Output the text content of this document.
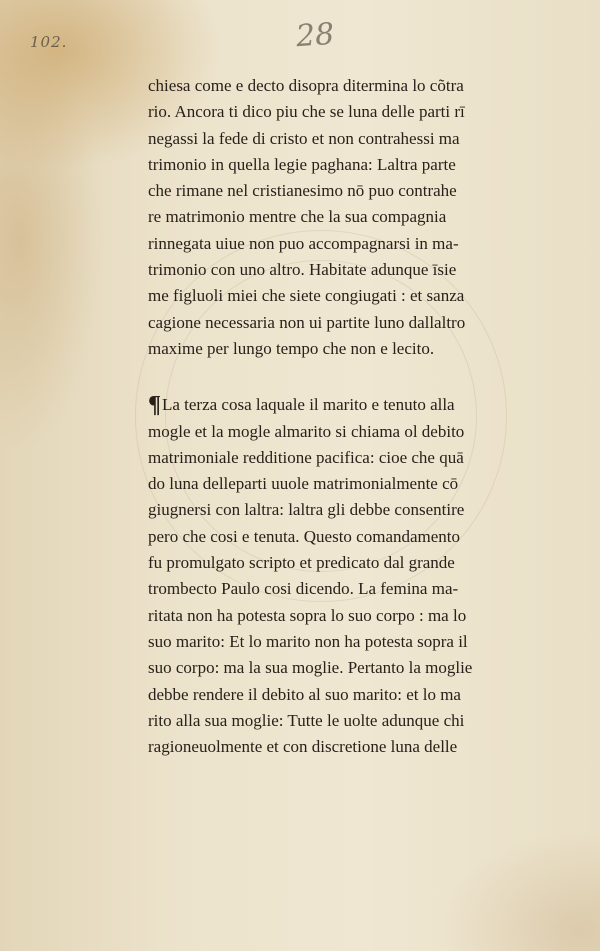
102.	28
chiesa come e decto disopra ditermina lo cõtra
rio. Ancora ti dico piu che se luna delle parti rī
negassi la fede di cristo et non contrahessi ma
trimonio in quella legie paghana: Laltra parte
che rimane nel cristianesimo nō puo contrahe
re matrimonio mentre che la sua compagnia
rinnegata uiue non puo accompagnarsi in ma-
trimonio con uno altro. Habitate adunque īsie
me figluoli miei che siete congiugati : et sanza
cagione necessaria non ui partite luno dallaltro
maxime per lungo tempo che non e lecito.
¶La terza cosa laquale il marito e tenuto alla
mogle et la mogle almarito si chiama ol debito
matrimoniale redditione pacifica: cioe che quā
do luna delleparti uuole matrimonialmente cō
giugnersi con laltra: laltra gli debbe consentire
pero che cosi e tenuta. Questo comandamento
fu promulgato scripto et predicato dal grande
trombecto Paulo cosi dicendo. La femina ma-
ritata non ha potesta sopra lo suo corpo : ma lo
suo marito: Et lo marito non ha potesta sopra il
suo corpo: ma la sua moglie. Pertanto la moglie
debbe rendere il debito al suo marito: et lo ma
rito alla sua moglie: Tutte le uolte adunque chi
ragioneuolmente et con discretione luna delle
